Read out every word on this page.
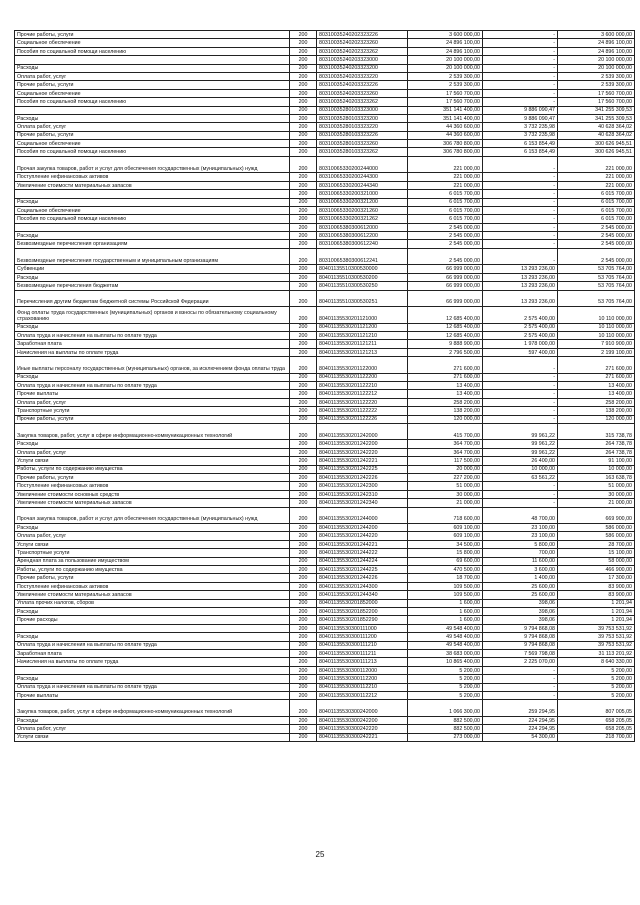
Прочие работы, услуги	200	80310035240202323226	3 600 000,00	-	3 600 000,00
Социальное обеспечение	200	80310035240202323260	24 896 100,00	-	24 896 100,00
Пособия по социальной помощи населению	200	80310035240202323262	24 896 100,00	-	24 896 100,00
	200	80310035240203323000	20 100 000,00	-	20 100 000,00
Расходы	200	80310035240203323200	20 100 000,00	-	20 100 000,00
Оплата работ, услуг	200	80310035240203323220	2 539 300,00	-	2 539 300,00
Прочие работы, услуги	200	80310035240203323226	2 539 300,00	-	2 539 300,00
Социальное обеспечение	200	80310035240203323260	17 560 700,00	-	17 560 700,00
Пособия по социальной помощи населению	200	80310035240203323262	17 560 700,00	-	17 560 700,00
	200	80310035280103323000	351 141 400,00	9 886 090,47	341 255 309,53
Расходы	200	80310035280103323200	351 141 400,00	9 886 090,47	341 255 309,53
Оплата работ, услуг	200	80310035280103323220	44 360 600,00	3 732 235,98	40 628 364,02
Прочие работы, услуги	200	80310035280103323226	44 360 600,00	3 732 235,98	40 628 364,02
Социальное обеспечение	200	80310035280103323260	306 780 800,00	6 153 854,49	300 626 945,51
Пособия по социальной помощи населению	200	80310035280103323262	306 780 800,00	6 153 854,49	300 626 945,51
Прочая закупка товаров, работ и услуг для обеспечения государственных (муниципальных) нужд	200	80310065330200244000	221 000,00	-	221 000,00
Поступление нефинансовых активов	200	80310065330200244300	221 000,00	-	221 000,00
Увеличение стоимости материальных запасов	200	80310065330200244340	221 000,00	-	221 000,00
	200	80310065330200321000	6 015 700,00	-	6 015 700,00
Расходы	200	80310065330200321200	6 015 700,00	-	6 015 700,00
Социальное обеспечение	200	80310065330200321260	6 015 700,00	-	6 015 700,00
Пособия по социальной помощи населению	200	80310065330200321262	6 015 700,00	-	6 015 700,00
	200	80310065380300612000	2 545 000,00	-	2 545 000,00
Расходы	200	80310065380300612200	2 545 000,00	-	2 545 000,00
Безвозмездные перечисления организациям	200	80310065380300612240	2 545 000,00	-	2 545 000,00
Безвозмездные перечисления государственным и муниципальным организациям	200	80310065380300612241	2 545 000,00	-	2 545 000,00
Субвенции	200	80401135510300530000	66 999 000,00	13 293 236,00	53 705 764,00
Расходы	200	80401135510300530200	66 999 000,00	13 293 236,00	53 705 764,00
Безвозмездные перечисления бюджетам	200	80401135510300530250	66 999 000,00	13 293 236,00	53 705 764,00
Перечисления другим бюджетам бюджетной системы Российской Федерации	200	80401135510300530251	66 999 000,00	13 293 236,00	53 705 764,00
Фонд оплаты труда государственных (муниципальных) органов и взносы по обязательному социальному страхованию	200	80401135530201121000	12 685 400,00	2 575 400,00	10 110 000,00
Расходы	200	80401135530201121200	12 685 400,00	2 575 400,00	10 110 000,00
Оплата труда и начисления на выплаты по оплате труда	200	80401135530201121210	12 685 400,00	2 575 400,00	10 110 000,00
Заработная плата	200	80401135530201121211	9 888 900,00	1 978 000,00	7 910 900,00
Начисления на выплаты по оплате труда	200	80401135530201121213	2 796 500,00	597 400,00	2 199 100,00
Иные выплаты персоналу государственных (муниципальных) органов, за исключением фонда оплаты труда	200	80401135530201122000	271 600,00	-	271 600,00
Расходы	200	80401135530201122200	271 600,00	-	271 600,00
Оплата труда и начисления на выплаты по оплате труда	200	80401135530201122210	13 400,00	-	13 400,00
Прочие выплаты	200	80401135530201122212	13 400,00	-	13 400,00
Оплата работ, услуг	200	80401135530201122220	258 200,00	-	258 200,00
Транспортные услуги	200	80401135530201122222	138 200,00	-	138 200,00
Прочие работы, услуги	200	80401135530201122226	120 000,00	-	120 000,00
Закупка товаров, работ, услуг в сфере информационно-коммуникационных технологий	200	80401135530201242000	415 700,00	99 961,22	315 738,78
Расходы	200	80401135530201242200	364 700,00	99 961,22	264 738,78
Оплата работ, услуг	200	80401135530201242220	364 700,00	99 961,22	264 738,78
Услуги связи	200	80401135530201242221	117 500,00	26 400,00	91 100,00
Работы, услуги по содержанию имущества	200	80401135530201242225	20 000,00	10 000,00	10 000,00
Прочие работы, услуги	200	80401135530201242226	227 200,00	63 561,22	163 638,78
Поступление нефинансовых активов	200	80401135530201242300	51 000,00	-	51 000,00
Увеличение стоимости основных средств	200	80401135530201242310	30 000,00	-	30 000,00
Увеличение стоимости материальных запасов	200	80401135530201242340	21 000,00	-	21 000,00
Прочая закупка товаров, работ и услуг для обеспечения государственных (муниципальных) нужд	200	80401135530201244000	718 600,00	48 700,00	669 900,00
Расходы	200	80401135530201244200	609 100,00	23 100,00	586 000,00
Оплата работ, услуг	200	80401135530201244220	609 100,00	23 100,00	586 000,00
Услуги связи	200	80401135530201244221	34 500,00	5 800,00	28 700,00
Транспортные услуги	200	80401135530201244222	15 800,00	700,00	15 100,00
Арендная плата за пользование имуществом	200	80401135530201244224	69 600,00	11 600,00	58 000,00
Работы, услуги по содержанию имущества	200	80401135530201244225	470 500,00	3 600,00	466 900,00
Прочие работы, услуги	200	80401135530201244226	18 700,00	1 400,00	17 300,00
Поступление нефинансовых активов	200	80401135530201244300	109 500,00	25 600,00	83 900,00
Увеличение стоимости материальных запасов	200	80401135530201244340	109 500,00	25 600,00	83 900,00
Уплата прочих налогов, сборов	200	80401135530201852000	1 600,00	398,06	1 201,94
Расходы	200	80401135530201852200	1 600,00	398,06	1 201,94
Прочие расходы	200	80401135530201852290	1 600,00	398,06	1 201,94
	200	80401135530300111000	49 548 400,00	9 794 868,08	39 753 531,92
Расходы	200	80401135530300111200	49 548 400,00	9 794 868,08	39 753 531,92
Оплата труда и начисления на выплаты по оплате труда	200	80401135530300111210	49 548 400,00	9 794 868,08	39 753 531,92
Заработная плата	200	80401135530300111211	38 683 000,00	7 569 798,08	31 113 201,92
Начисления на выплаты по оплате труда	200	80401135530300111213	10 865 400,00	2 225 070,00	8 640 330,00
	200	80401135530300112000	5 200,00	-	5 200,00
Расходы	200	80401135530300112200	5 200,00	-	5 200,00
Оплата труда и начисления на выплаты по оплате труда	200	80401135530300112210	5 200,00	-	5 200,00
Прочие выплаты	200	80401135530300112212	5 200,00	-	5 200,00
Закупка товаров, работ, услуг в сфере информационно-коммуникационных технологий	200	80401135530300242000	1 066 300,00	259 294,95	807 005,05
Расходы	200	80401135530300242200	882 500,00	224 294,95	658 205,05
Оплата работ, услуг	200	80401135530300242220	882 500,00	224 294,95	658 205,05
Услуги связи	200	80401135530300242221	273 000,00	54 300,00	218 700,00
25
